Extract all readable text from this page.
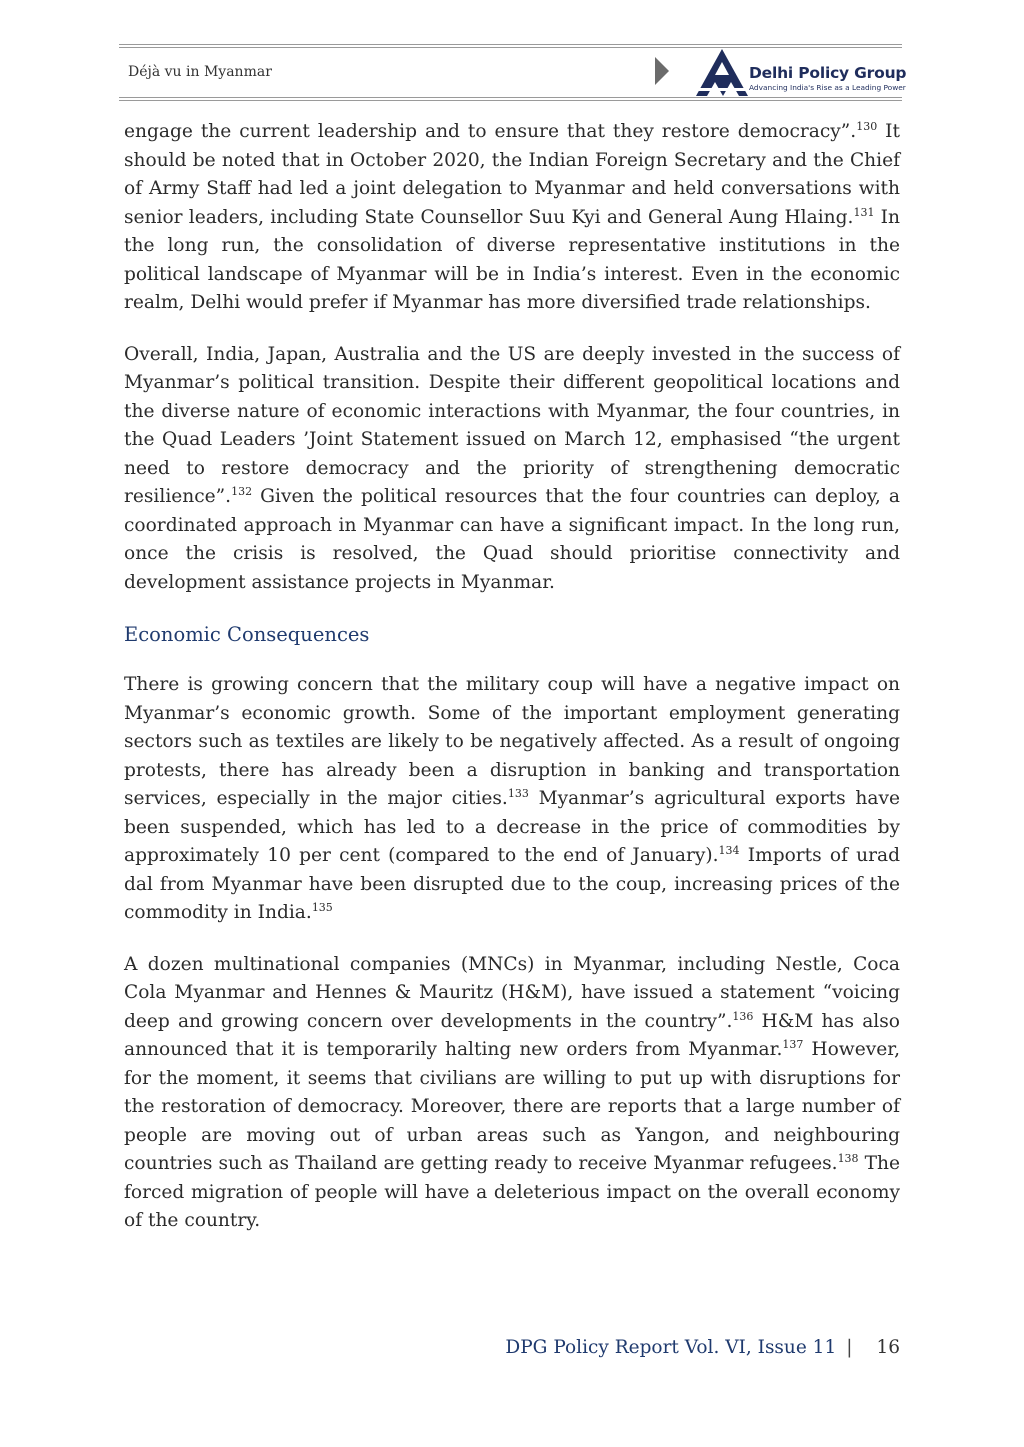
Déjà vu in Myanmar	Delhi Policy Group
Advancing India's Rise as a Leading Power

engage the current leadership and to ensure that they restore democracy”.$^{130}$ It should be noted that in October 2020, the Indian Foreign Secretary and the Chief of Army Staff had led a joint delegation to Myanmar and held conversations with senior leaders, including State Counsellor Suu Kyi and General Aung Hlaing.$^{131}$ In the long run, the consolidation of diverse representative institutions in the political landscape of Myanmar will be in India’s interest. Even in the economic realm, Delhi would prefer if Myanmar has more diversified trade relationships.

Overall, India, Japan, Australia and the US are deeply invested in the success of Myanmar’s political transition. Despite their different geopolitical locations and the diverse nature of economic interactions with Myanmar, the four countries, in the Quad Leaders ’Joint Statement issued on March 12, emphasised “the urgent need to restore democracy and the priority of strengthening democratic resilience”.$^{132}$ Given the political resources that the four countries can deploy, a coordinated approach in Myanmar can have a significant impact. In the long run, once the crisis is resolved, the Quad should prioritise connectivity and development assistance projects in Myanmar.

Economic Consequences

There is growing concern that the military coup will have a negative impact on Myanmar’s economic growth. Some of the important employment generating sectors such as textiles are likely to be negatively affected. As a result of ongoing protests, there has already been a disruption in banking and transportation services, especially in the major cities.$^{133}$ Myanmar’s agricultural exports have been suspended, which has led to a decrease in the price of commodities by approximately 10 per cent (compared to the end of January).$^{134}$ Imports of urad dal from Myanmar have been disrupted due to the coup, increasing prices of the commodity in India.$^{135}$

A dozen multinational companies (MNCs) in Myanmar, including Nestle, Coca Cola Myanmar and Hennes & Mauritz (H&M), have issued a statement “voicing deep and growing concern over developments in the country”.$^{136}$ H&M has also announced that it is temporarily halting new orders from Myanmar.$^{137}$ However, for the moment, it seems that civilians are willing to put up with disruptions for the restoration of democracy. Moreover, there are reports that a large number of people are moving out of urban areas such as Yangon, and neighbouring countries such as Thailand are getting ready to receive Myanmar refugees.$^{138}$ The forced migration of people will have a deleterious impact on the overall economy of the country.

DPG Policy Report Vol. VI, Issue 11 | 16
